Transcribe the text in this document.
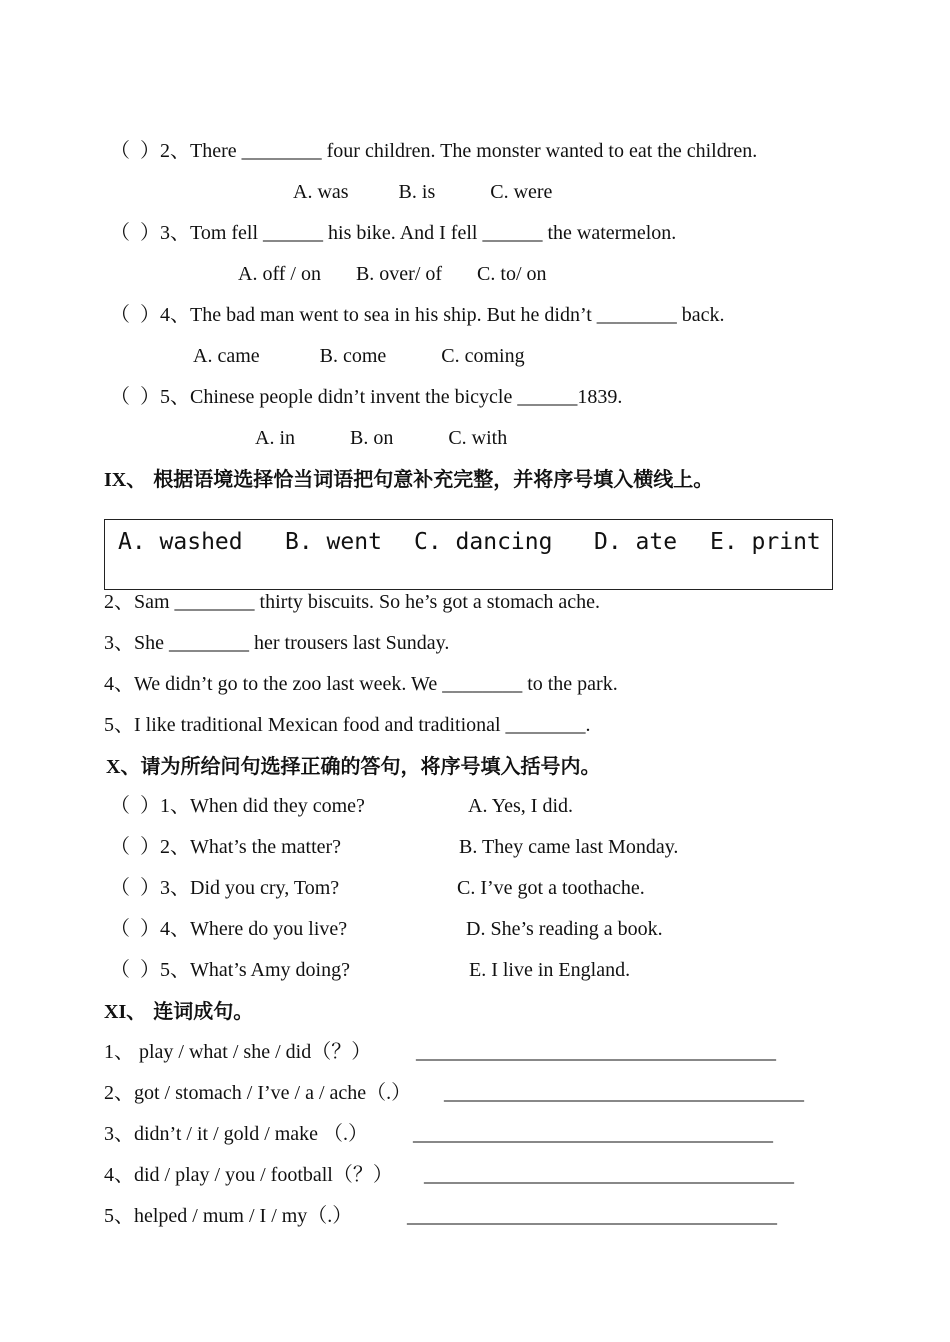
（  ）2、There ________ four children. The monster wanted to eat the children.
A. was          B. is           C. were
（  ）3、Tom fell ______ his bike. And I fell ______ the watermelon.
A. off / on       B. over/ of       C. to/ on
（  ）4、The bad man went to sea in his ship. But he didn’t ________ back.
A. came            B. come           C. coming
（  ）5、Chinese people didn’t invent the bicycle ______1839.
A. in           B. on           C. with
IX、 根据语境选择恰当词语把句意补充完整，并将序号填入横线上。
A. washed B. went C. dancing D. ate E. print
2、Sam ________ thirty biscuits. So he’s got a stomach ache.
3、She ________ her trousers last Sunday.
4、We didn’t go to the zoo last week. We ________ to the park.
5、I like traditional Mexican food and traditional ________.
X、请为所给问句选择正确的答句，将序号填入括号内。
（  ）1、When did they come?	A. Yes, I did.
（  ）2、What’s the matter?	B. They came last Monday.
（  ）3、Did you cry, Tom?	C. I’ve got a toothache.
（  ）4、Where do you live?	D. She’s reading a book.
（  ）5、What’s Amy doing?	E. I live in England.
XI、 连词成句。
1、 play / what / she / did（？） ____________________________________
2、got / stomach / I’ve / a / ache（.） ____________________________________
3、didn’t / it / gold / make （.） ____________________________________
4、did / play / you / football（？） _____________________________________
5、helped / mum / I / my（.）	_____________________________________
